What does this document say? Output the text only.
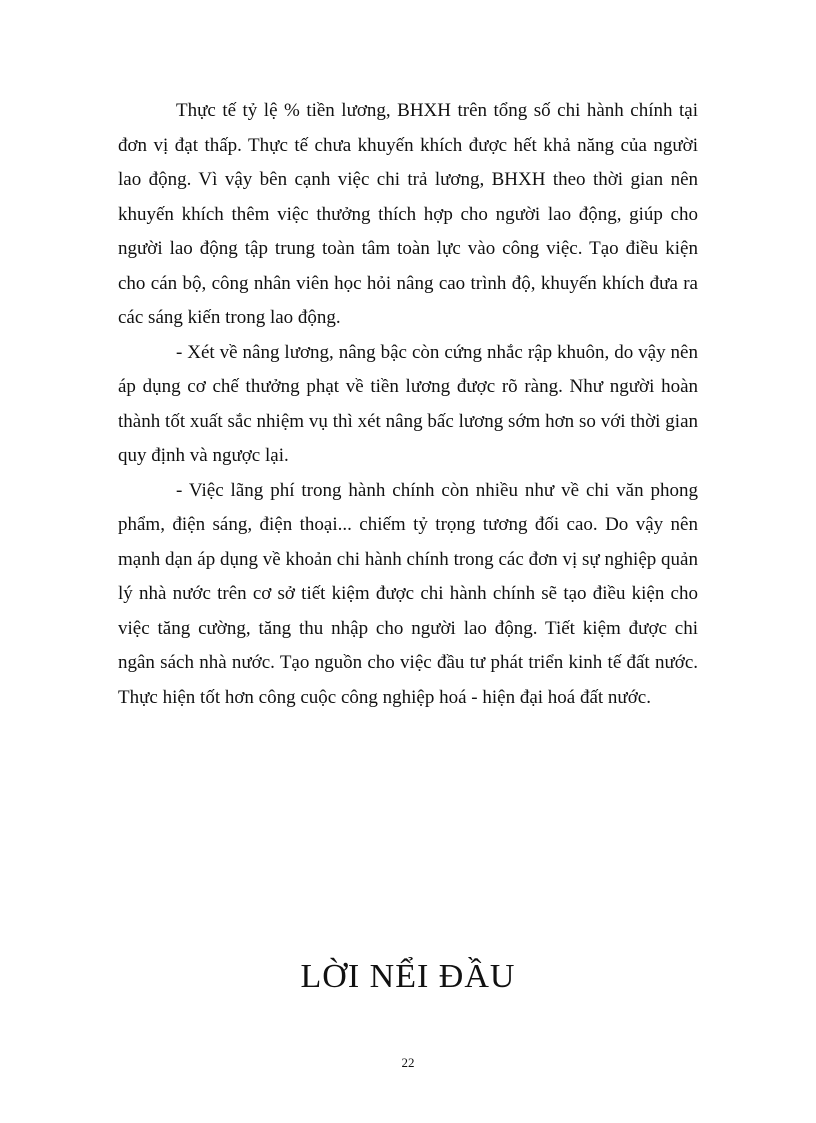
Thực tế tỷ lệ % tiền lương, BHXH trên tổng số chi hành chính tại đơn vị đạt thấp. Thực tế chưa khuyến khích được hết khả năng của người lao động. Vì vậy bên cạnh việc chi trả lương, BHXH theo thời gian nên khuyến khích thêm việc thưởng thích hợp cho người lao động, giúp cho người lao động tập trung toàn tâm toàn lực vào công việc. Tạo điều kiện cho cán bộ, công nhân viên học hỏi nâng cao trình độ, khuyến khích đưa ra các sáng kiến trong lao động.

- Xét về nâng lương, nâng bậc còn cứng nhắc rập khuôn, do vậy nên áp dụng cơ chế thưởng phạt về tiền lương được rõ ràng. Như người hoàn thành tốt xuất sắc nhiệm vụ thì xét nâng bấc lương sớm hơn so với thời gian quy định và ngược lại.

- Việc lãng phí trong hành chính còn nhiều như về chi văn phong phẩm, điện sáng, điện thoại... chiếm tỷ trọng tương đối cao. Do vậy nên mạnh dạn áp dụng về khoản chi hành chính trong các đơn vị sự nghiệp quản lý nhà nước trên cơ sở tiết kiệm được chi hành chính sẽ tạo điều kiện cho việc tăng cường, tăng thu nhập cho người lao động. Tiết kiệm được chi ngân sách nhà nước. Tạo nguồn cho việc đầu tư phát triển kinh tế đất nước. Thực hiện tốt hơn công cuộc công nghiệp hoá - hiện đại hoá đất nước.

LỜI NỂI ĐẦU
22
